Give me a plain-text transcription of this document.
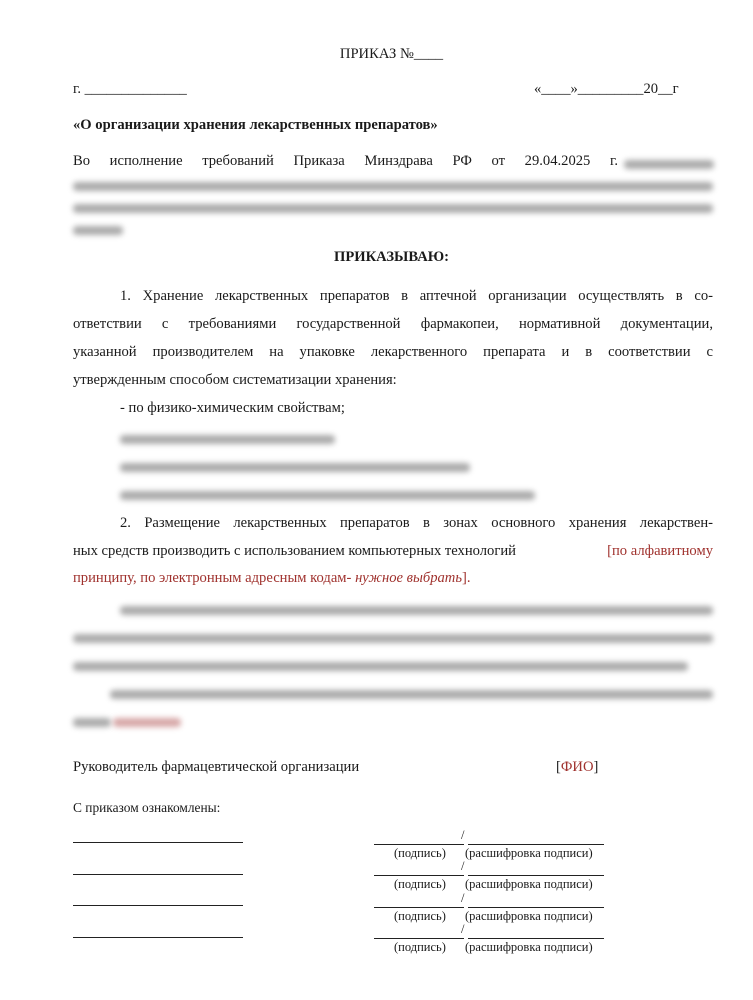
ПРИКАЗ №____
г. ______________	«____»_________20__г
«О организации хранения лекарственных препаратов»
Во исполнение требований Приказа Минздрава РФ от 29.04.2025 г.
ПРИКАЗЫВАЮ:
1. Хранение лекарственных препаратов в аптечной организации осуществлять в со-
ответствии с требованиями государственной фармакопеи, нормативной документации,
указанной производителем на упаковке лекарственного препарата и в соответствии с
утвержденным способом систематизации хранения:
- по физико-химическим свойствам;
2. Размещение лекарственных препаратов в зонах основного хранения лекарствен-
ных средств производить с использованием компьютерных технологий	[по алфавитному
принципу, по электронным адресным кодам- нужное выбрать].
Руководитель фармацевтической организации	[ФИО]
С приказом ознакомлены:
/
(подпись) (расшифровка подписи)
/
(подпись) (расшифровка подписи)
/
(подпись) (расшифровка подписи)
/
(подпись) (расшифровка подписи)
